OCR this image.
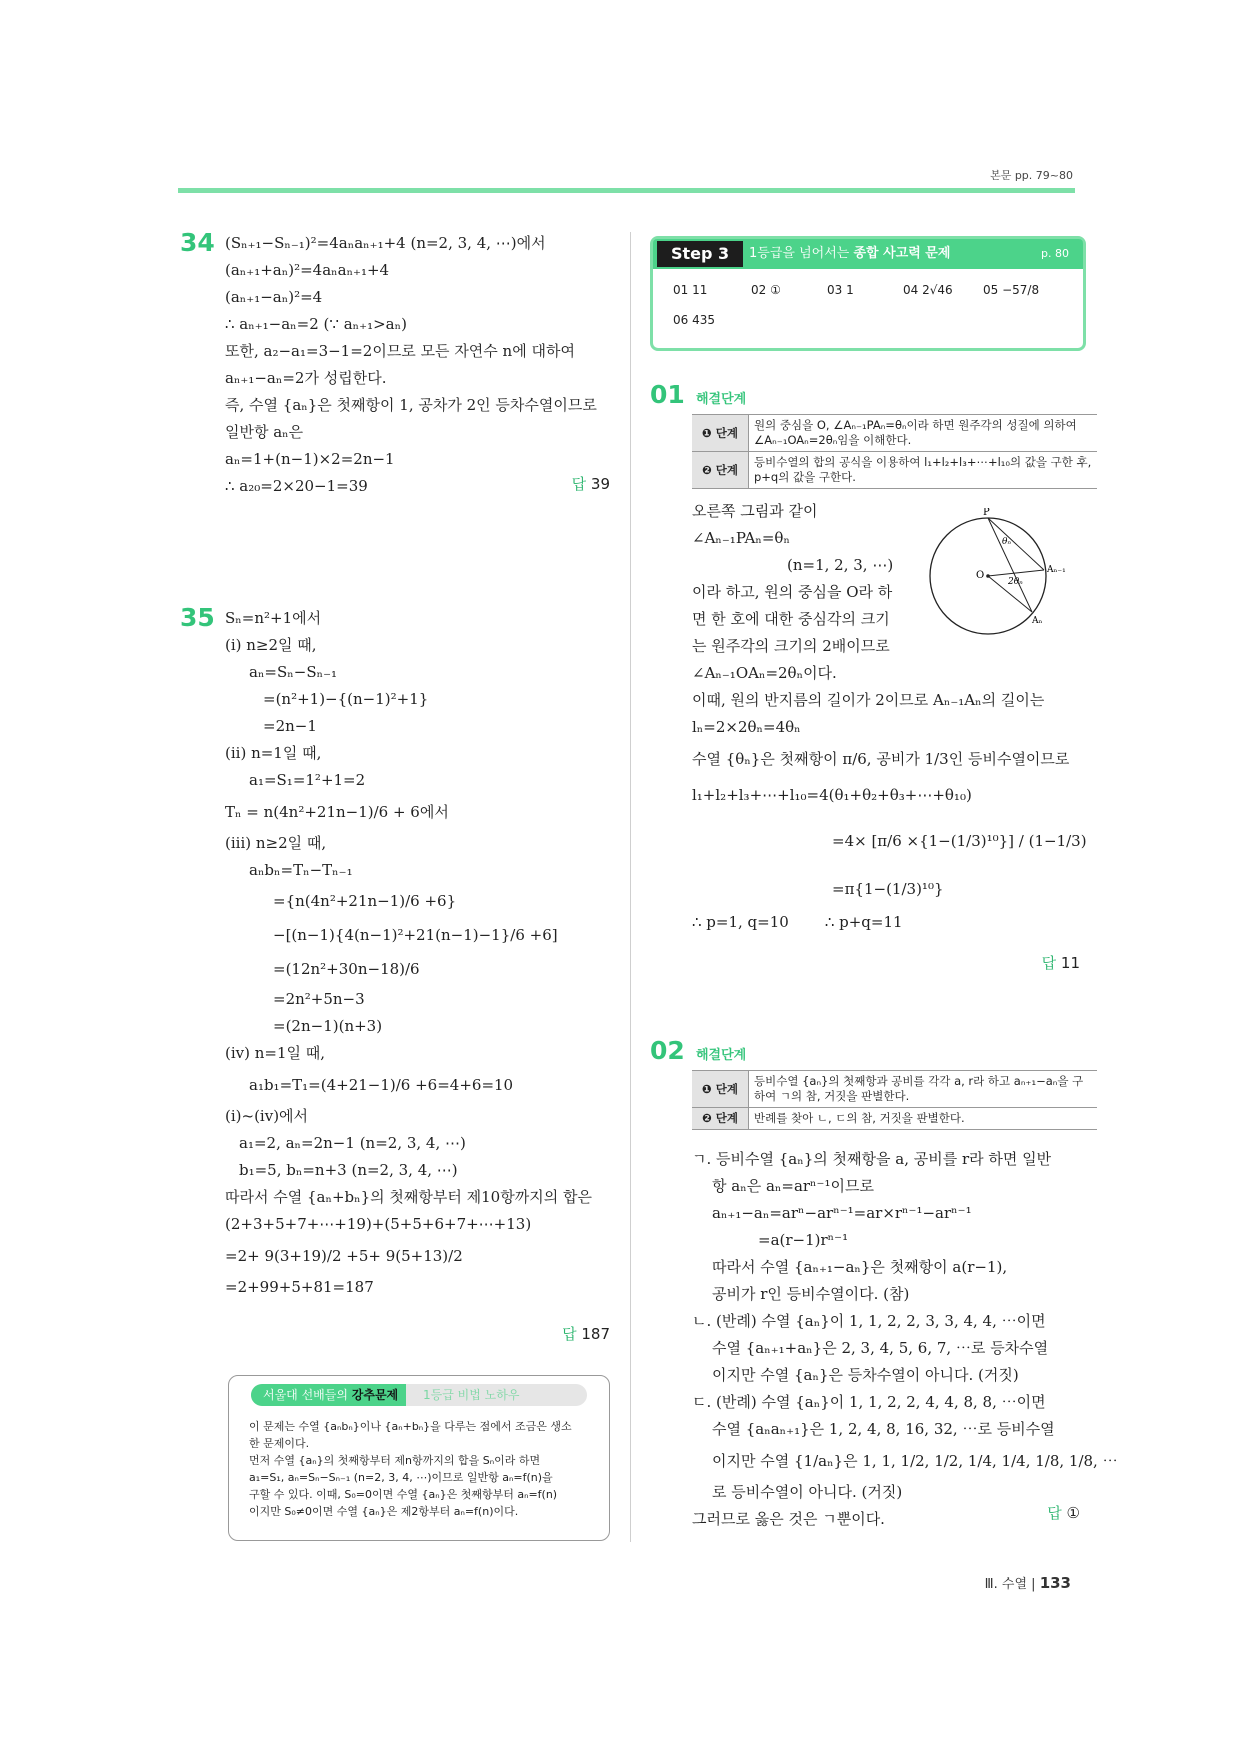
본문 pp. 79~80
34 (Sₙ₊₁−Sₙ₋₁)²=4aₙaₙ₊₁+4 (n=2, 3, 4, ⋯)에서
(aₙ₊₁+aₙ)²=4aₙaₙ₊₁+4
(aₙ₊₁−aₙ)²=4
∴ aₙ₊₁−aₙ=2 (∵ aₙ₊₁>aₙ)
또한, a₂−a₁=3−1=2이므로 모든 자연수 n에 대하여
aₙ₊₁−aₙ=2가 성립한다.
즉, 수열 {aₙ}은 첫째항이 1, 공차가 2인 등차수열이므로
일반항 aₙ은
aₙ=1+(n−1)×2=2n−1
∴ a₂₀=2×20−1=39	답 39
35 Sₙ=n²+1에서
(i) n≥2일 때,
aₙ=Sₙ−Sₙ₋₁
=(n²+1)−{(n−1)²+1}
=2n−1
(ii) n=1일 때,
a₁=S₁=1²+1=2
Tₙ = n(4n²+21n−1)/6 + 6에서
(iii) n≥2일 때,
aₙbₙ=Tₙ−Tₙ₋₁
={n(4n²+21n−1)/6 +6}
−[(n−1){4(n−1)²+21(n−1)−1}/6 +6]
=(12n²+30n−18)/6
=2n²+5n−3
=(2n−1)(n+3)
(iv) n=1일 때,
a₁b₁=T₁=(4+21−1)/6 +6=4+6=10
(i)~(iv)에서
a₁=2, aₙ=2n−1 (n=2, 3, 4, ⋯)
b₁=5, bₙ=n+3 (n=2, 3, 4, ⋯)
따라서 수열 {aₙ+bₙ}의 첫째항부터 제10항까지의 합은
(2+3+5+7+⋯+19)+(5+5+6+7+⋯+13)
=2+ 9(3+19)/2 +5+ 9(5+13)/2
=2+99+5+81=187
답 187
서울대 선배들의 강추문제	1등급 비법 노하우
이 문제는 수열 {aₙbₙ}이나 {aₙ+bₙ}을 다루는 점에서 조금은 생소
한 문제이다.
먼저 수열 {aₙ}의 첫째항부터 제n항까지의 합을 Sₙ이라 하면
a₁=S₁, aₙ=Sₙ−Sₙ₋₁ (n=2, 3, 4, ⋯)이므로 일반항 aₙ=f(n)을
구할 수 있다. 이때, S₀=0이면 수열 {aₙ}은 첫째항부터 aₙ=f(n)
이지만 S₀≠0이면 수열 {aₙ}은 제2항부터 aₙ=f(n)이다.
Step 3	1등급을 넘어서는 종합 사고력 문제	p. 80
01 11	02 ①	03 1	04 2√46	05 −57/8
06 435
01 해결단계
❶ 단계	원의 중심을 O, ∠Aₙ₋₁PAₙ=θₙ이라 하면 원주각의 성질에 의하여 ∠Aₙ₋₁OAₙ=2θₙ임을 이해한다.
❷ 단계	등비수열의 합의 공식을 이용하여 l₁+l₂+l₃+⋯+l₁₀의 값을 구한 후, p+q의 값을 구한다.
오른쪽 그림과 같이
∠Aₙ₋₁PAₙ=θₙ
(n=1, 2, 3, ⋯)
이라 하고, 원의 중심을 O라 하
면 한 호에 대한 중심각의 크기
는 원주각의 크기의 2배이므로
∠Aₙ₋₁OAₙ=2θₙ이다.
이때, 원의 반지름의 길이가 2이므로 Aₙ₋₁Aₙ의 길이는
lₙ=2×2θₙ=4θₙ
수열 {θₙ}은 첫째항이 π/6, 공비가 1/3인 등비수열이므로
l₁+l₂+l₃+⋯+l₁₀=4(θ₁+θ₂+θ₃+⋯+θ₁₀)
=4× [π/6 ×{1−(1/3)¹⁰}] / (1−1/3)
=π{1−(1/3)¹⁰}
∴ p=1, q=10 ∴ p+q=11
P
O	Aₙ₋₁
Aₙ
θₙ
2θₙ
답 11
02 해결단계
❶ 단계	등비수열 {aₙ}의 첫째항과 공비를 각각 a, r라 하고 aₙ₊₁−aₙ을 구하여 ㄱ의 참, 거짓을 판별한다.
❷ 단계	반례를 찾아 ㄴ, ㄷ의 참, 거짓을 판별한다.
ㄱ. 등비수열 {aₙ}의 첫째항을 a, 공비를 r라 하면 일반
항 aₙ은 aₙ=arⁿ⁻¹이므로
aₙ₊₁−aₙ=arⁿ−arⁿ⁻¹=ar×rⁿ⁻¹−arⁿ⁻¹
=a(r−1)rⁿ⁻¹
따라서 수열 {aₙ₊₁−aₙ}은 첫째항이 a(r−1),
공비가 r인 등비수열이다. (참)
ㄴ. (반례) 수열 {aₙ}이 1, 1, 2, 2, 3, 3, 4, 4, ⋯이면
수열 {aₙ₊₁+aₙ}은 2, 3, 4, 5, 6, 7, ⋯로 등차수열
이지만 수열 {aₙ}은 등차수열이 아니다. (거짓)
ㄷ. (반례) 수열 {aₙ}이 1, 1, 2, 2, 4, 4, 8, 8, ⋯이면
수열 {aₙaₙ₊₁}은 1, 2, 4, 8, 16, 32, ⋯로 등비수열
이지만 수열 {1/aₙ}은 1, 1, 1/2, 1/2, 1/4, 1/4, 1/8, 1/8, ⋯
로 등비수열이 아니다. (거짓)
그러므로 옳은 것은 ㄱ뿐이다.	답 ①
Ⅲ. 수열 | 133
